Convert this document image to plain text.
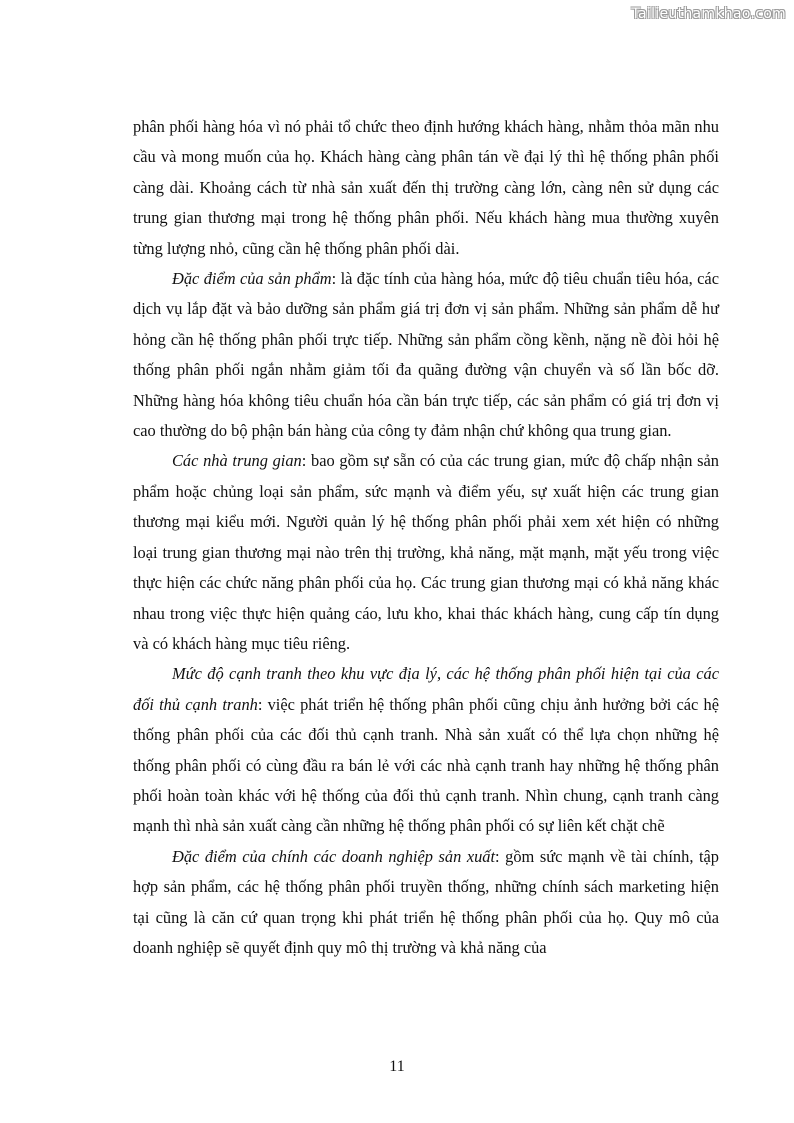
Tailieuthamkhao.com

phân phối hàng hóa vì nó phải tổ chức theo định hướng khách hàng, nhằm thỏa mãn nhu cầu và mong muốn của họ. Khách hàng càng phân tán về đại lý thì hệ thống phân phối càng dài. Khoảng cách từ nhà sản xuất đến thị trường càng lớn, càng nên sử dụng các trung gian thương mại trong hệ thống phân phối. Nếu khách hàng mua thường xuyên từng lượng nhỏ, cũng cần hệ thống phân phối dài.

Đặc điểm của sản phẩm: là đặc tính của hàng hóa, mức độ tiêu chuẩn tiêu hóa, các dịch vụ lắp đặt và bảo dưỡng sản phẩm giá trị đơn vị sản phẩm. Những sản phẩm dễ hư hỏng cần hệ thống phân phối trực tiếp. Những sản phẩm cồng kềnh, nặng nề đòi hỏi hệ thống phân phối ngắn nhằm giảm tối đa quãng đường vận chuyển và số lần bốc dỡ. Những hàng hóa không tiêu chuẩn hóa cần bán trực tiếp, các sản phẩm có giá trị đơn vị cao thường do bộ phận bán hàng của công ty đảm nhận chứ không qua trung gian.

Các nhà trung gian: bao gồm sự sẵn có của các trung gian, mức độ chấp nhận sản phẩm hoặc chủng loại sản phẩm, sức mạnh và điểm yếu, sự xuất hiện các trung gian thương mại kiểu mới. Người quản lý hệ thống phân phối phải xem xét hiện có những loại trung gian thương mại nào trên thị trường, khả năng, mặt mạnh, mặt yếu trong việc thực hiện các chức năng phân phối của họ. Các trung gian thương mại có khả năng khác nhau trong việc thực hiện quảng cáo, lưu kho, khai thác khách hàng, cung cấp tín dụng và có khách hàng mục tiêu riêng.

Mức độ cạnh tranh theo khu vực địa lý, các hệ thống phân phối hiện tại của các đối thủ cạnh tranh: việc phát triển hệ thống phân phối cũng chịu ảnh hưởng bởi các hệ thống phân phối của các đối thủ cạnh tranh. Nhà sản xuất có thể lựa chọn những hệ thống phân phối có cùng đầu ra bán lẻ với các nhà cạnh tranh hay những hệ thống phân phối hoàn toàn khác với hệ thống của đối thủ cạnh tranh. Nhìn chung, cạnh tranh càng mạnh thì nhà sản xuất càng cần những hệ thống phân phối có sự liên kết chặt chẽ

Đặc điểm của chính các doanh nghiệp sản xuất: gồm sức mạnh về tài chính, tập hợp sản phẩm, các hệ thống phân phối truyền thống, những chính sách marketing hiện tại cũng là căn cứ quan trọng khi phát triển hệ thống phân phối của họ. Quy mô của doanh nghiệp sẽ quyết định quy mô thị trường và khả năng của

11
